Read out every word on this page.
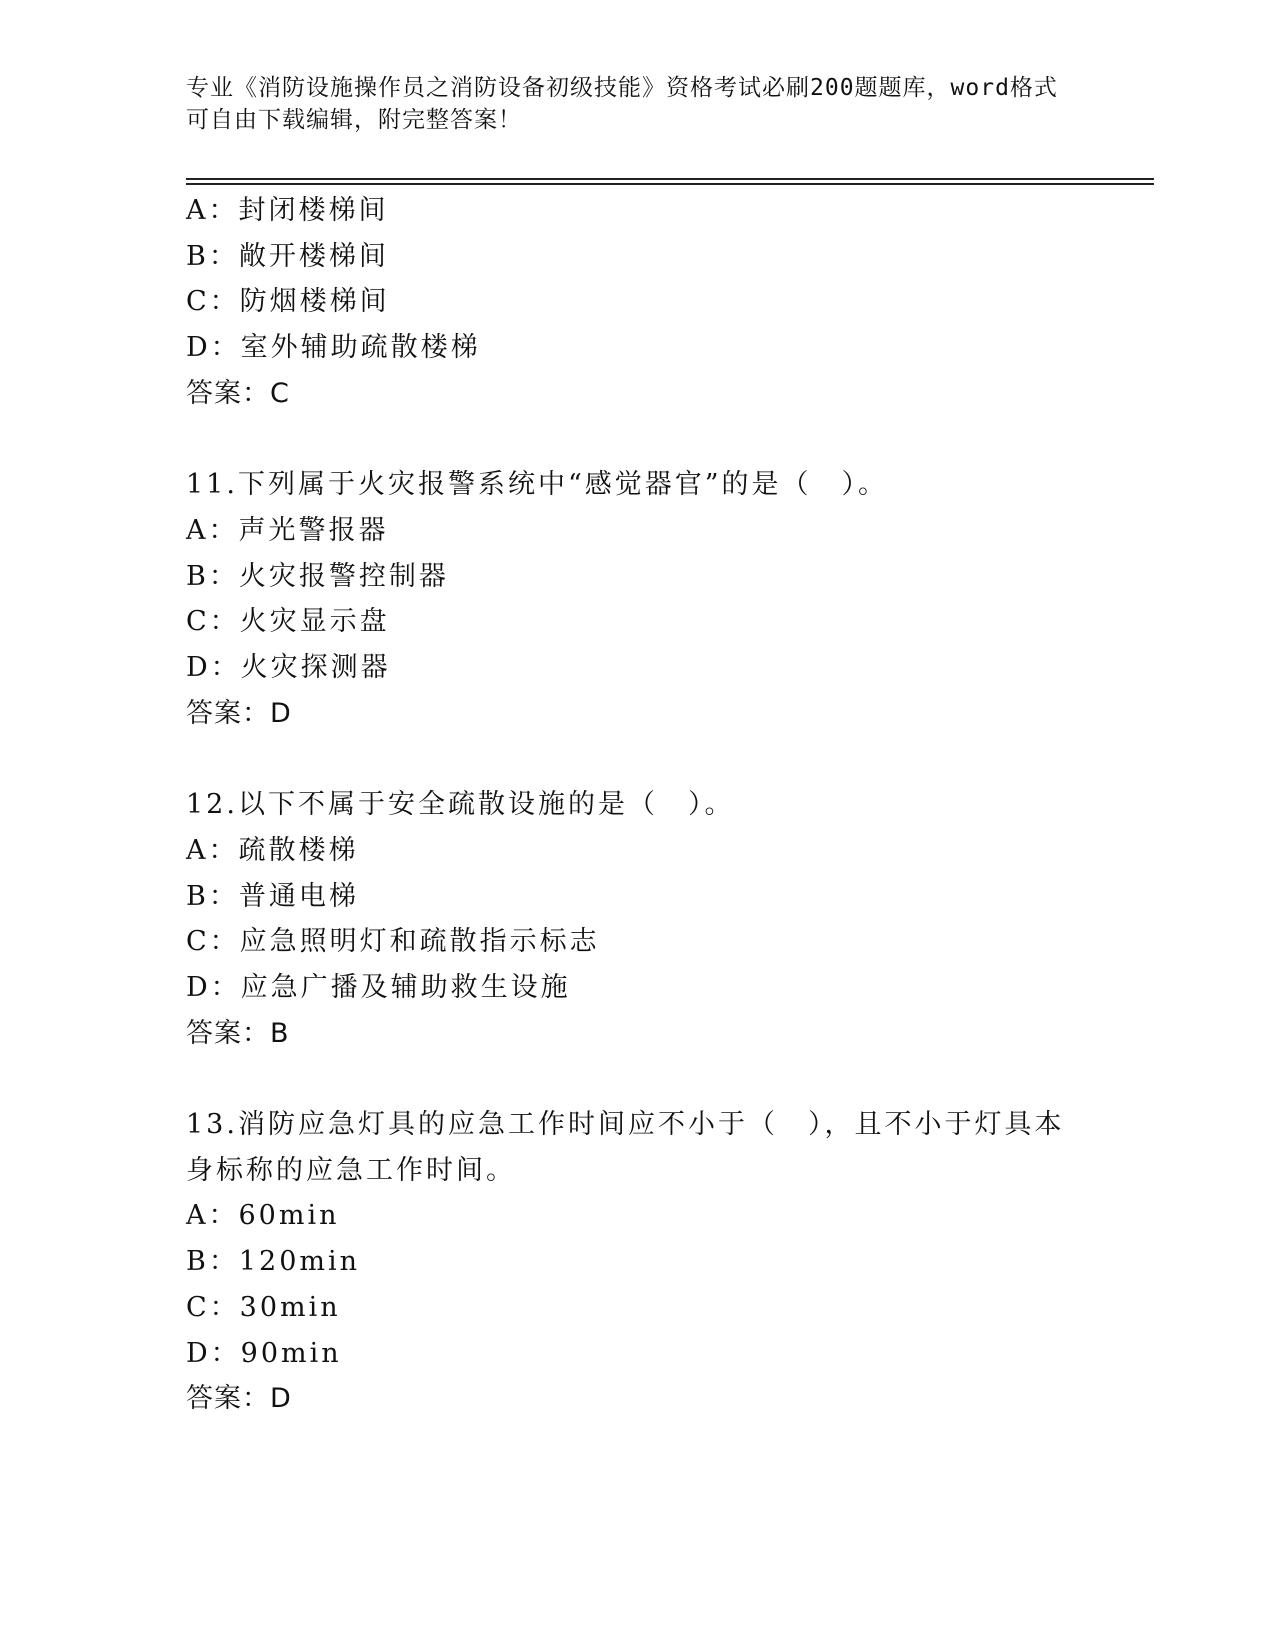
专业《消防设施操作员之消防设备初级技能》资格考试必刷200题题库，word格式可自由下载编辑，附完整答案！
A：封闭楼梯间
B：敞开楼梯间
C：防烟楼梯间
D：室外辅助疏散楼梯
答案：C
11.下列属于火灾报警系统中“感觉器官”的是（　）。
A：声光警报器
B：火灾报警控制器
C：火灾显示盘
D：火灾探测器
答案：D
12.以下不属于安全疏散设施的是（　）。
A：疏散楼梯
B：普通电梯
C：应急照明灯和疏散指示标志
D：应急广播及辅助救生设施
答案：B
13.消防应急灯具的应急工作时间应不小于（　），且不小于灯具本身标称的应急工作时间。
A：60min
B：120min
C：30min
D：90min
答案：D
